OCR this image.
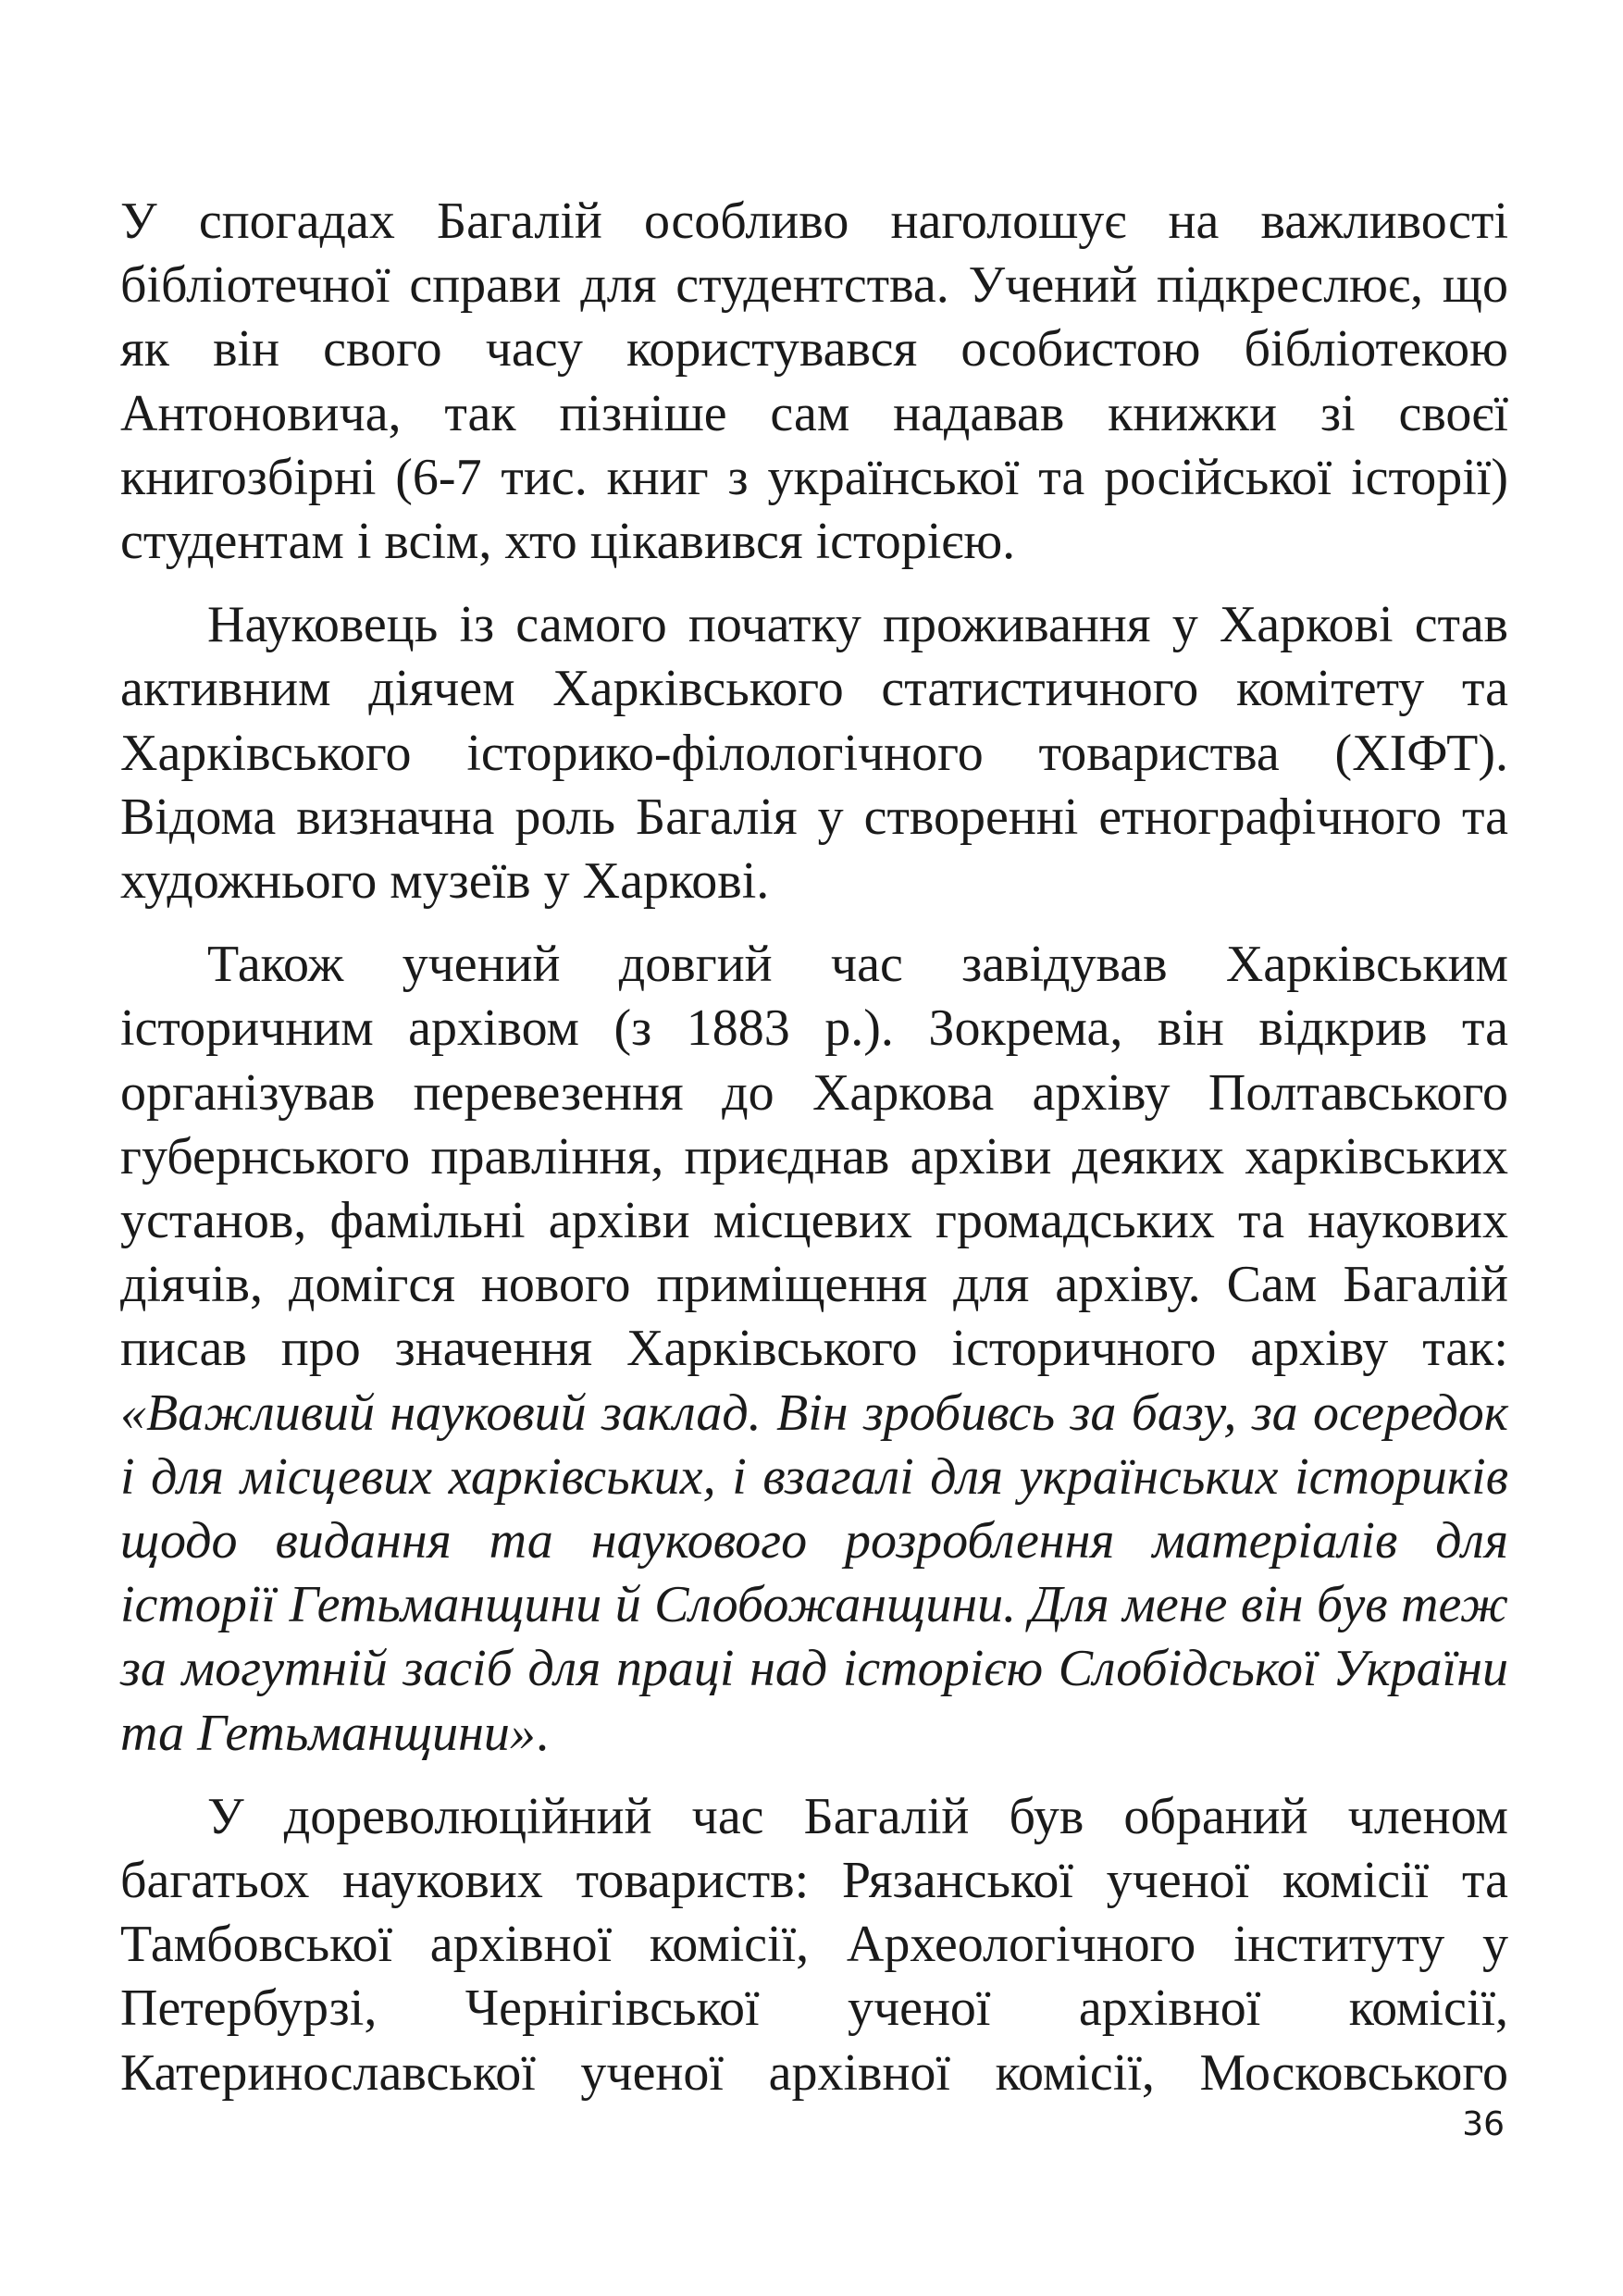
У спогадах Багалій особливо наголошує на важливості бібліотечної справи для студентства. Учений підкреслює, що як він свого часу користувався особистою бібліотекою Антоновича, так пізніше сам надавав книжки зі своєї книгозбірні (6-7 тис. книг з української та російської історії) студентам і всім, хто цікавився історією.

Науковець із самого початку проживання у Харкові став активним діячем Харківського статистичного комітету та Харківського історико-філологічного товариства (ХІФТ). Відома визначна роль Багалія у створенні етнографічного та художнього музеїв у Харкові.

Також учений довгий час завідував Харківським історичним архівом (з 1883 р.). Зокрема, він відкрив та організував перевезення до Харкова архіву Полтавського губернського правління, приєднав архіви деяких харківських установ, фамільні архіви місцевих громадських та наукових діячів, домігся нового приміщення для архіву. Сам Багалій писав про значення Харківського історичного архіву так: «Важливий науковий заклад. Він зробивсь за базу, за осередок і для місцевих харківських, і взагалі для українських істориків щодо видання та наукового розроблення матеріалів для історії Гетьманщини й Слобожанщини. Для мене він був теж за могутній засіб для праці над історією Слобідської України та Гетьманщини».

У дореволюційний час Багалій був обраний членом багатьох наукових товариств: Рязанської ученої комісії та Тамбовської архівної комісії, Археологічного інституту у Петербурзі, Чернігівської ученої архівної комісії, Катеринославської ученої архівної комісії, Московського

36
